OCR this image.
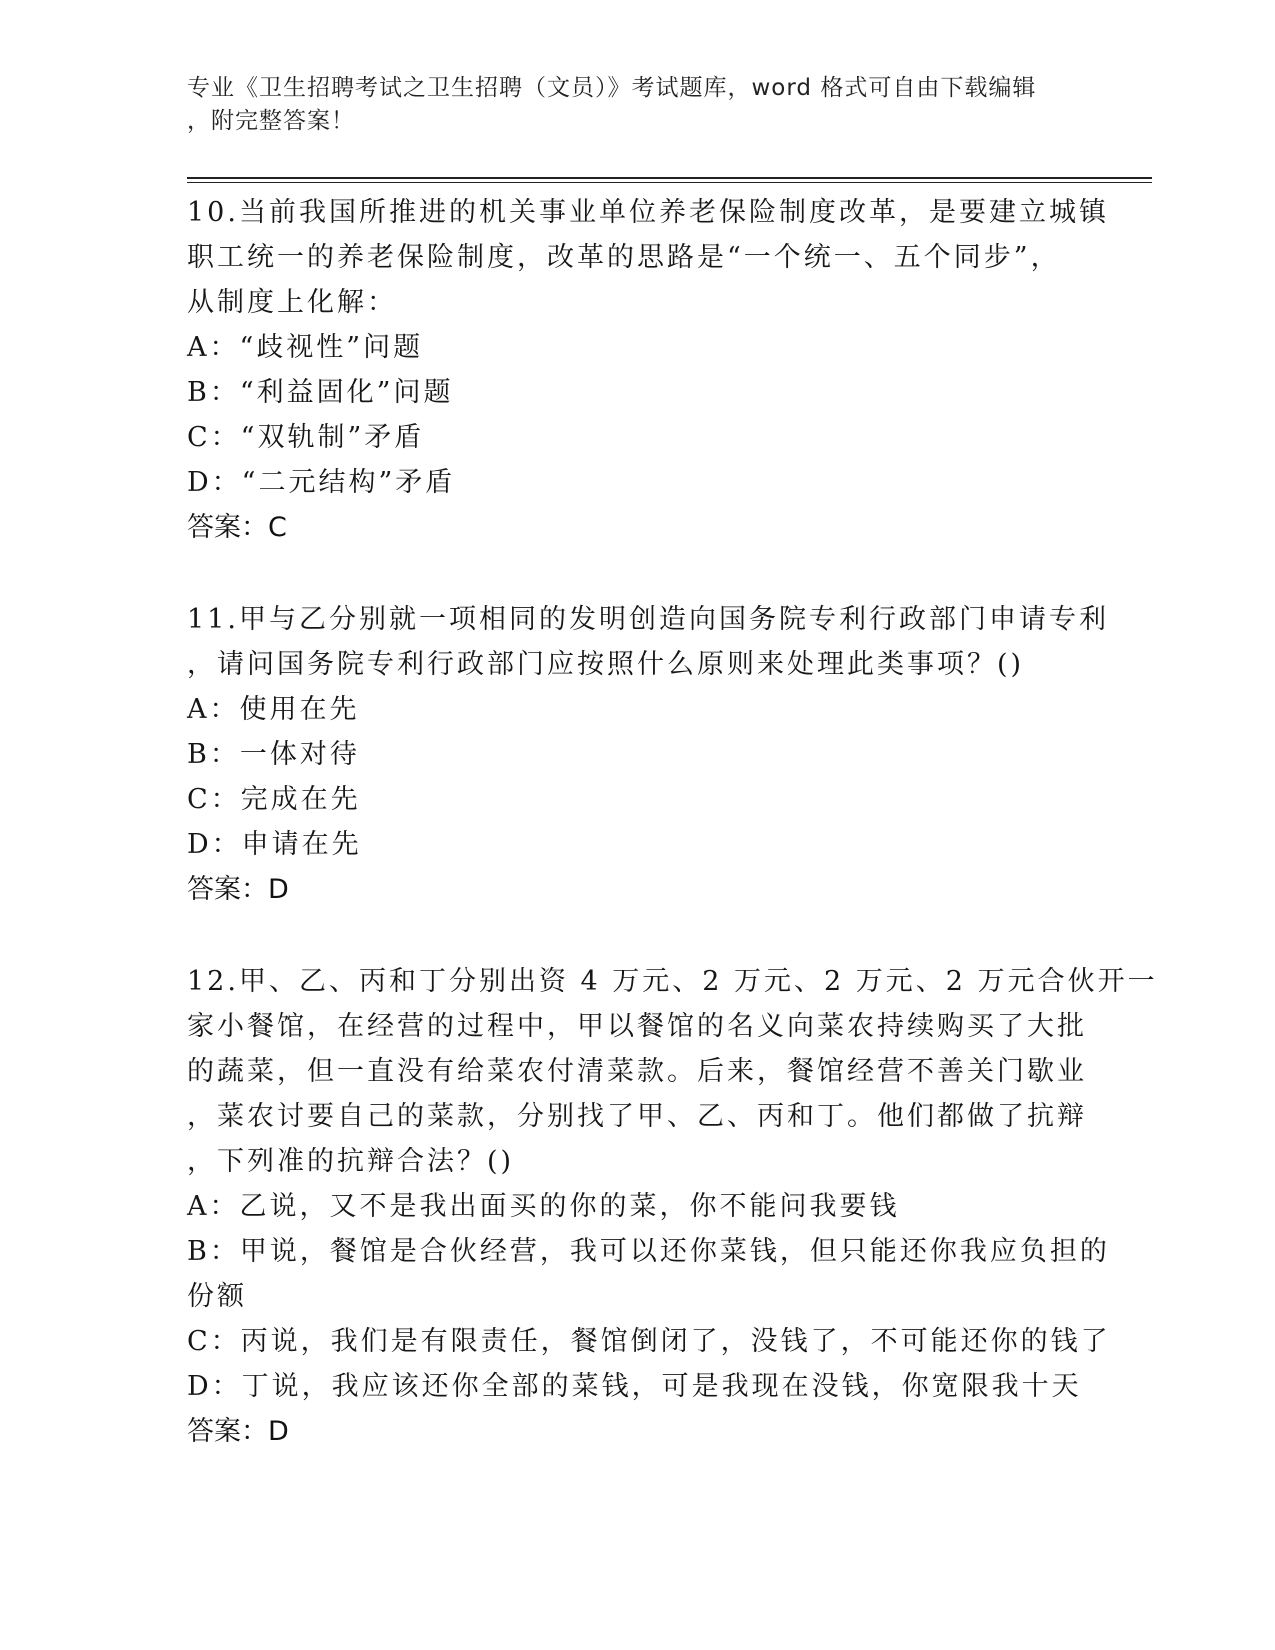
专业《卫生招聘考试之卫生招聘（文员）》考试题库，word 格式可自由下载编辑
，附完整答案！
10.当前我国所推进的机关事业单位养老保险制度改革，是要建立城镇
职工统一的养老保险制度，改革的思路是“一个统一、五个同步”，
从制度上化解：
A：“歧视性”问题
B：“利益固化”问题
C：“双轨制”矛盾
D：“二元结构”矛盾
答案：C
11.甲与乙分别就一项相同的发明创造向国务院专利行政部门申请专利
，请问国务院专利行政部门应按照什么原则来处理此类事项？()
A：使用在先
B：一体对待
C：完成在先
D：申请在先
答案：D
12.甲、乙、丙和丁分别出资 4 万元、2 万元、2 万元、2 万元合伙开一
家小餐馆，在经营的过程中，甲以餐馆的名义向菜农持续购买了大批
的蔬菜，但一直没有给菜农付清菜款。后来，餐馆经营不善关门歇业
，菜农讨要自己的菜款，分别找了甲、乙、丙和丁。他们都做了抗辩
，下列准的抗辩合法？()
A：乙说，又不是我出面买的你的菜，你不能问我要钱
B：甲说，餐馆是合伙经营，我可以还你菜钱，但只能还你我应负担的
份额
C：丙说，我们是有限责任，餐馆倒闭了，没钱了，不可能还你的钱了
D：丁说，我应该还你全部的菜钱，可是我现在没钱，你宽限我十天
答案：D
